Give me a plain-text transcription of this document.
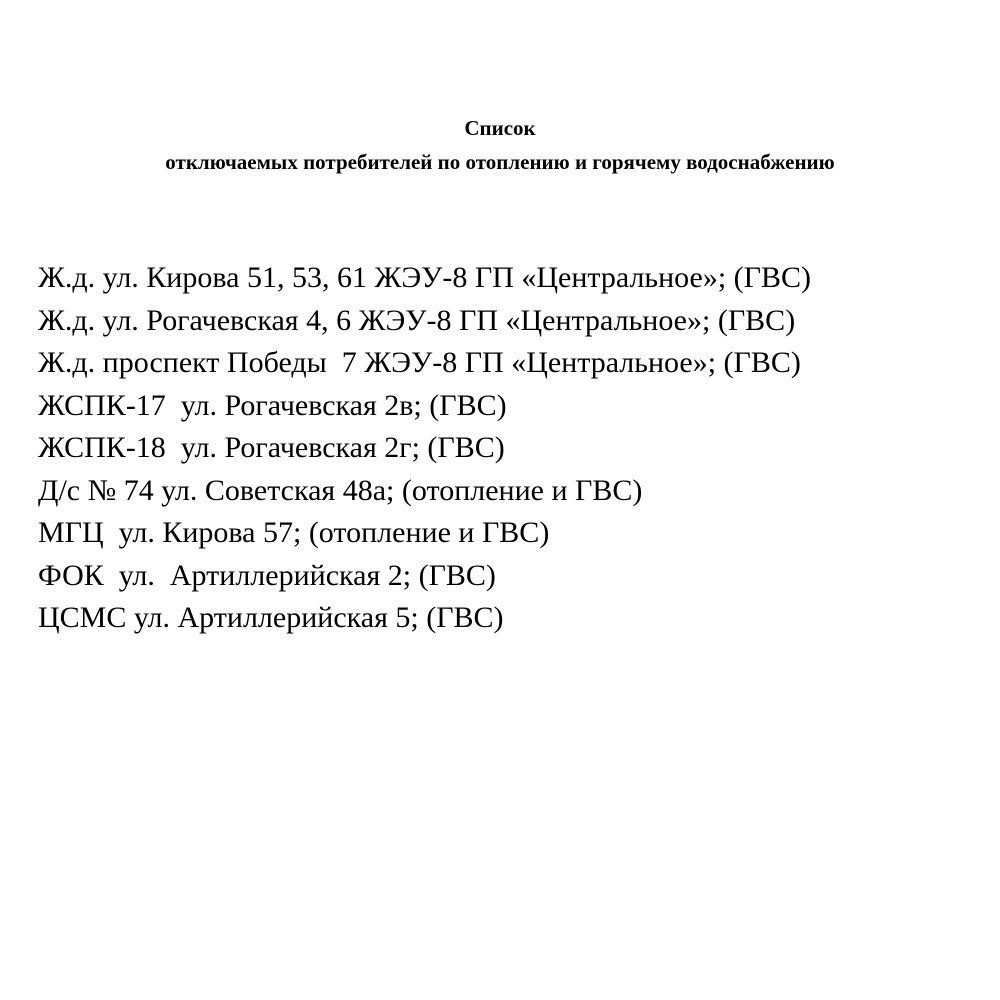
Список
отключаемых потребителей по отоплению и горячему водоснабжению
Ж.д. ул. Кирова 51, 53, 61 ЖЭУ-8 ГП «Центральное»; (ГВС)
Ж.д. ул. Рогачевская 4, 6 ЖЭУ-8 ГП «Центральное»; (ГВС)
Ж.д. проспект Победы  7 ЖЭУ-8 ГП «Центральное»; (ГВС)
ЖСПК-17  ул. Рогачевская 2в; (ГВС)
ЖСПК-18  ул. Рогачевская 2г; (ГВС)
Д/с № 74 ул. Советская 48а; (отопление и ГВС)
МГЦ  ул. Кирова 57; (отопление и ГВС)
ФОК  ул.  Артиллерийская 2; (ГВС)
ЦСМС ул. Артиллерийская 5; (ГВС)
